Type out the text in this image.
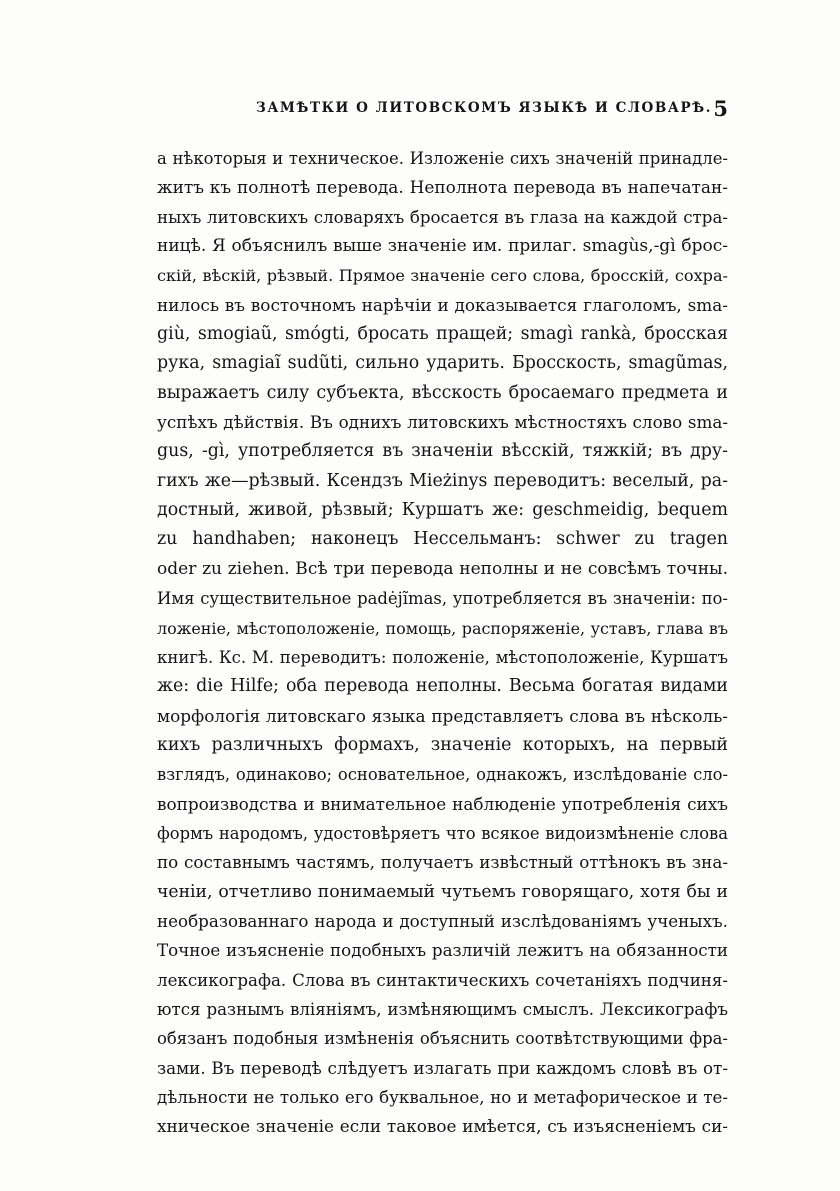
ЗАМѢТКИ О ЛИТОВСКОМЪ ЯЗЫКѢ И СЛОВАРѢ. 5
а нѣкоторыя и техническое. Изложенiе сихъ значенiй принадле-
житъ къ полнотѣ перевода. Неполнота перевода въ напечатан-
ныхъ литовскихъ словаряхъ бросается въ глаза на каждой стра-
ницѣ. Я объяснилъ выше значенiе им. прилаг. smagùs,-gì брос-
скiй, вѣскiй, рѣзвый. Прямое значенiе сего слова, бросскiй, сохра-
нилось въ восточномъ нарѣчiи и доказывается глаголомъ, sma-
giù, smogiaũ, smógti, бросать пращей; smagì rankà, бросская
рука, smagiaĩ sudũti, сильно ударить. Бросскость, smagũmas,
выражаетъ силу субъекта, вѣсскость бросаемаго предмета и
успѣхъ дѣйствiя. Въ однихъ литовскихъ мѣстностяхъ слово sma-
gus, -gì, употребляется въ значенiи вѣсскiй, тяжкiй; въ дру-
гихъ же—рѣзвый. Ксендзъ Mieżinys переводитъ: веселый, ра-
достный, живой, рѣзвый; Куршатъ же: geschmeidig, bequem
zu handhaben; наконецъ Нессельманъ: schwer zu tragen
oder zu ziehen. Всѣ три перевода неполны и не совсѣмъ точны.
Имя существительное padėjĩmas, употребляется въ значенiи: по-
ложенiе, мѣстоположенiе, помощь, распоряженiе, уставъ, глава въ
книгѣ. Кс. М. переводитъ: положенiе, мѣстоположенiе, Куршатъ
же: die Hilfe; оба перевода неполны. Весьма богатая видами
морфологiя литовскаго языка представляетъ слова въ нѣсколь-
кихъ различныхъ формахъ, значенiе которыхъ, на первый
взглядъ, одинаково; основательное, однакожъ, изслѣдованiе сло-
вопроизводства и внимательное наблюденiе употребленiя сихъ
формъ народомъ, удостовѣряетъ что всякое видоизмѣненiе слова
по составнымъ частямъ, получаетъ извѣстный оттѣнокъ въ зна-
ченiи, отчетливо понимаемый чутьемъ говорящаго, хотя бы и
необразованнаго народа и доступный изслѣдованiямъ ученыхъ.
Точное изъясненiе подобныхъ различiй лежитъ на обязанности
лексикографа. Слова въ синтактическихъ сочетанiяхъ подчиня-
ются разнымъ влiянiямъ, измѣняющимъ смыслъ. Лексикографъ
обязанъ подобныя измѣненiя объяснить соотвѣтствующими фра-
зами. Въ переводѣ слѣдуетъ излагать при каждомъ словѣ въ от-
дѣльности не только его буквальное, но и метафорическое и те-
хническое значенiе если таковое имѣется, съ изъясненiемъ си-
